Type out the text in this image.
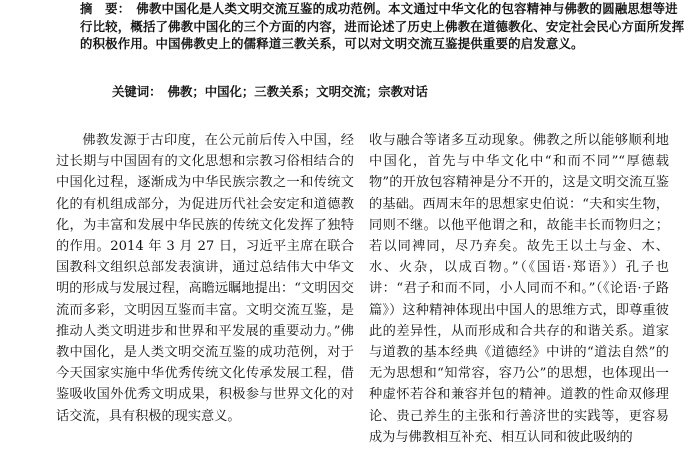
摘　要： 佛教中国化是人类文明交流互鉴的成功范例。本文通过中华文化的包容精神与佛教的圆融思想等进行比较，概括了佛教中国化的三个方面的内容，进而论述了历史上佛教在道德教化、安定社会民心方面所发挥的积极作用。中国佛教史上的儒释道三教关系，可以对文明交流互鉴提供重要的启发意义。

关键词： 佛教；中国化；三教关系；文明交流；宗教对话

佛教发源于古印度，在公元前后传入中国，经过长期与中国固有的文化思想和宗教习俗相结合的中国化过程，逐渐成为中华民族宗教之一和传统文化的有机组成部分，为促进历代社会安定和道德教化，为丰富和发展中华民族的传统文化发挥了独特的作用。2014 年 3 月 27 日，习近平主席在联合国教科文组织总部发表演讲，通过总结伟大中华文明的形成与发展过程，高瞻远瞩地提出：“文明因交流而多彩，文明因互鉴而丰富。文明交流互鉴，是推动人类文明进步和世界和平发展的重要动力。”佛教中国化，是人类文明交流互鉴的成功范例，对于今天国家实施中华优秀传统文化传承发展工程，借鉴吸收国外优秀文明成果，积极参与世界文化的对话交流，具有积极的现实意义。

收与融合等诸多互动现象。佛教之所以能够顺利地中国化，首先与中华文化中“和而不同”“厚德载物”的开放包容精神是分不开的，这是文明交流互鉴的基础。西周末年的思想家史伯说：“夫和实生物，同则不继。以他平他谓之和，故能丰长而物归之；若以同裨同，尽乃弃矣。故先王以土与金、木、水、火杂，以成百物。”（《国语·郑语》）孔子也讲：“君子和而不同，小人同而不和。”（《论语·子路篇》）这种精神体现出中国人的思维方式，即尊重彼此的差异性，从而形成和合共存的和谐关系。道家与道教的基本经典《道德经》中讲的“道法自然”的无为思想和“知常容，容乃公”的思想，也体现出一种虚怀若谷和兼容并包的精神。道教的性命双修理论、贵己养生的主张和行善济世的实践等，更容易成为与佛教相互补充、相互认同和彼此吸纳的
